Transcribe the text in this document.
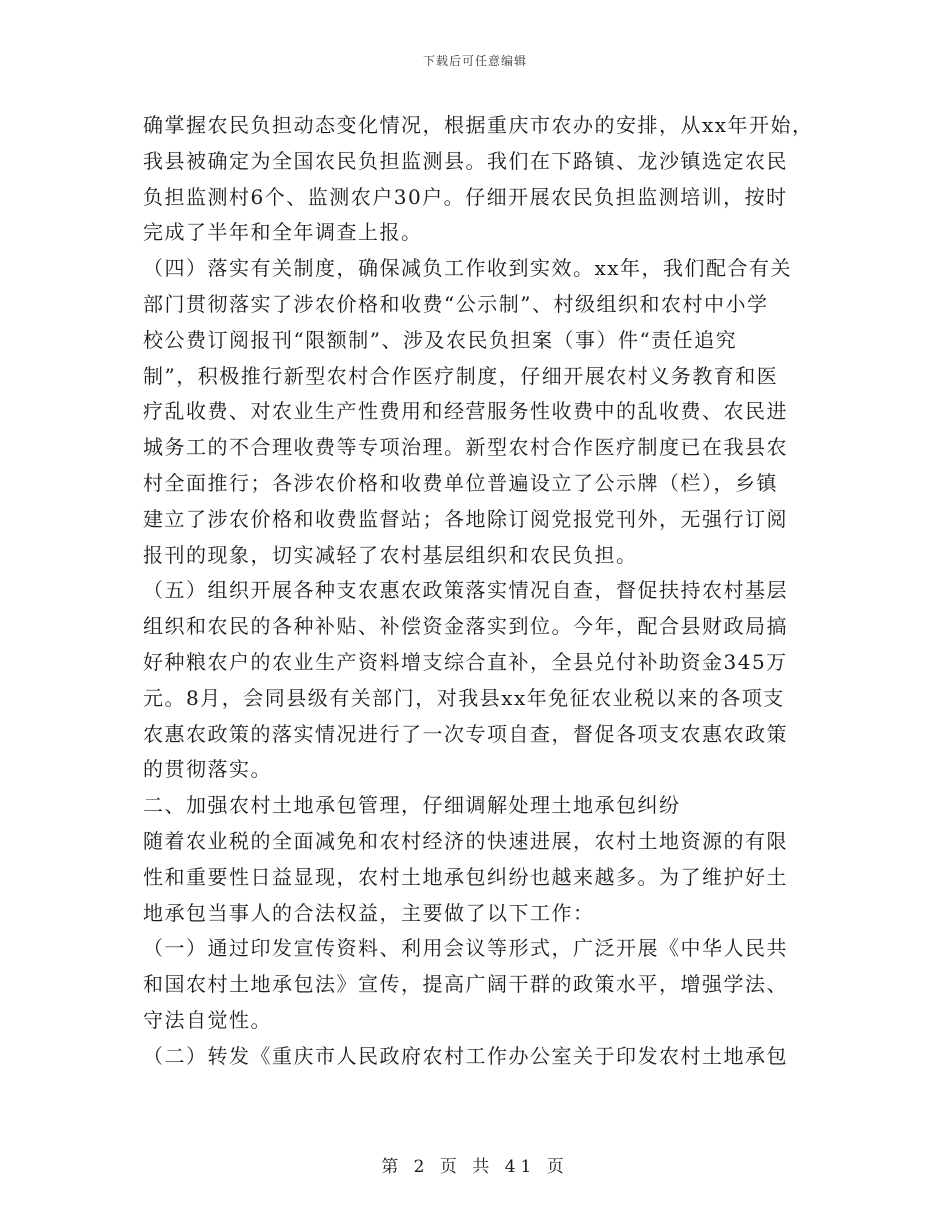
下载后可任意编辑
确掌握农民负担动态变化情况，根据重庆市农办的安排，从xx年开始，
我县被确定为全国农民负担监测县。我们在下路镇、龙沙镇选定农民
负担监测村6个、监测农户30户。仔细开展农民负担监测培训，按时
完成了半年和全年调查上报。
（四）落实有关制度，确保减负工作收到实效。xx年，我们配合有关
部门贯彻落实了涉农价格和收费“公示制”、村级组织和农村中小学
校公费订阅报刊“限额制”、涉及农民负担案（事）件“责任追究
制”，积极推行新型农村合作医疗制度，仔细开展农村义务教育和医
疗乱收费、对农业生产性费用和经营服务性收费中的乱收费、农民进
城务工的不合理收费等专项治理。新型农村合作医疗制度已在我县农
村全面推行；各涉农价格和收费单位普遍设立了公示牌（栏），乡镇
建立了涉农价格和收费监督站；各地除订阅党报党刊外，无强行订阅
报刊的现象，切实减轻了农村基层组织和农民负担。
（五）组织开展各种支农惠农政策落实情况自查，督促扶持农村基层
组织和农民的各种补贴、补偿资金落实到位。今年，配合县财政局搞
好种粮农户的农业生产资料增支综合直补，全县兑付补助资金345万
元。8月，会同县级有关部门，对我县xx年免征农业税以来的各项支
农惠农政策的落实情况进行了一次专项自查，督促各项支农惠农政策
的贯彻落实。
二、加强农村土地承包管理，仔细调解处理土地承包纠纷
随着农业税的全面减免和农村经济的快速进展，农村土地资源的有限
性和重要性日益显现，农村土地承包纠纷也越来越多。为了维护好土
地承包当事人的合法权益，主要做了以下工作：
（一）通过印发宣传资料、利用会议等形式，广泛开展《中华人民共
和国农村土地承包法》宣传，提高广阔干群的政策水平，增强学法、
守法自觉性。
（二）转发《重庆市人民政府农村工作办公室关于印发农村土地承包
第 2 页 共 41 页
